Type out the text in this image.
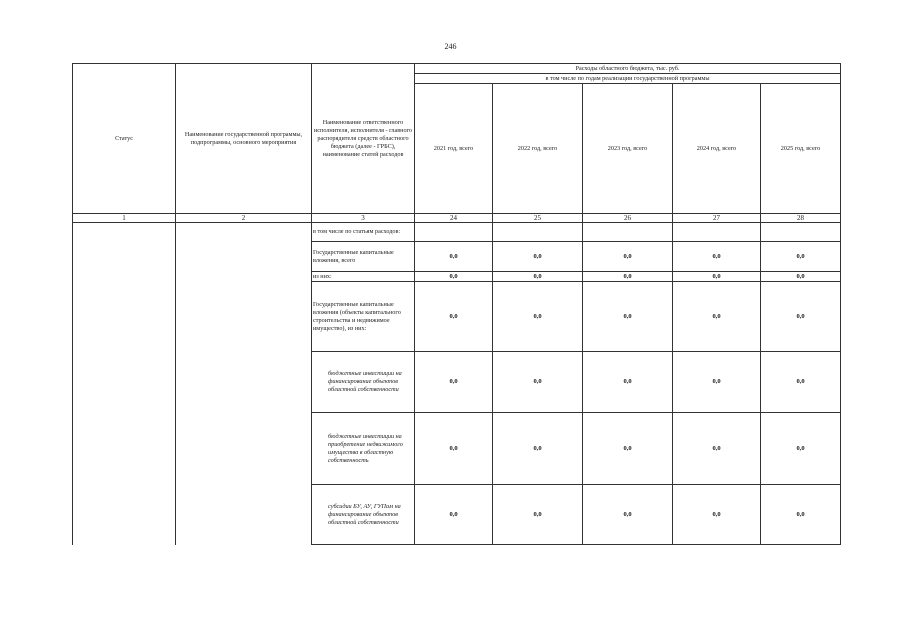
246
Статус	Наименование государственной программы, подпрограммы, основного мероприятия	Наименование ответственного исполнителя, исполнителя - главного распорядителя средств областного бюджета (далее - ГРБС), наименование статей расходов	Расходы областного бюджета, тыс. руб.				
			в том числе по годам реализации государственной программы				
			2021 год, всего	2022 год, всего	2023 год, всего	2024 год, всего	2025 год, всего
1	2	3	24	25	26	27	28
		в том числе по статьям расходов:					
		Государственные капитальные вложения, всего	0,0	0,0	0,0	0,0	0,0
		из них:	0,0	0,0	0,0	0,0	0,0
		Государственные капитальные вложения (объекты капитального строительства и недвижимое имущество), из них:	0,0	0,0	0,0	0,0	0,0
		бюджетные инвестиции на финансирование объектов областной собственности	0,0	0,0	0,0	0,0	0,0
		бюджетные инвестиции на приобретение недвижимого имущества в областную собственность	0,0	0,0	0,0	0,0	0,0
		субсидии БУ, АУ, ГУПам на финансирование объектов областной собственности	0,0	0,0	0,0	0,0	0,0
